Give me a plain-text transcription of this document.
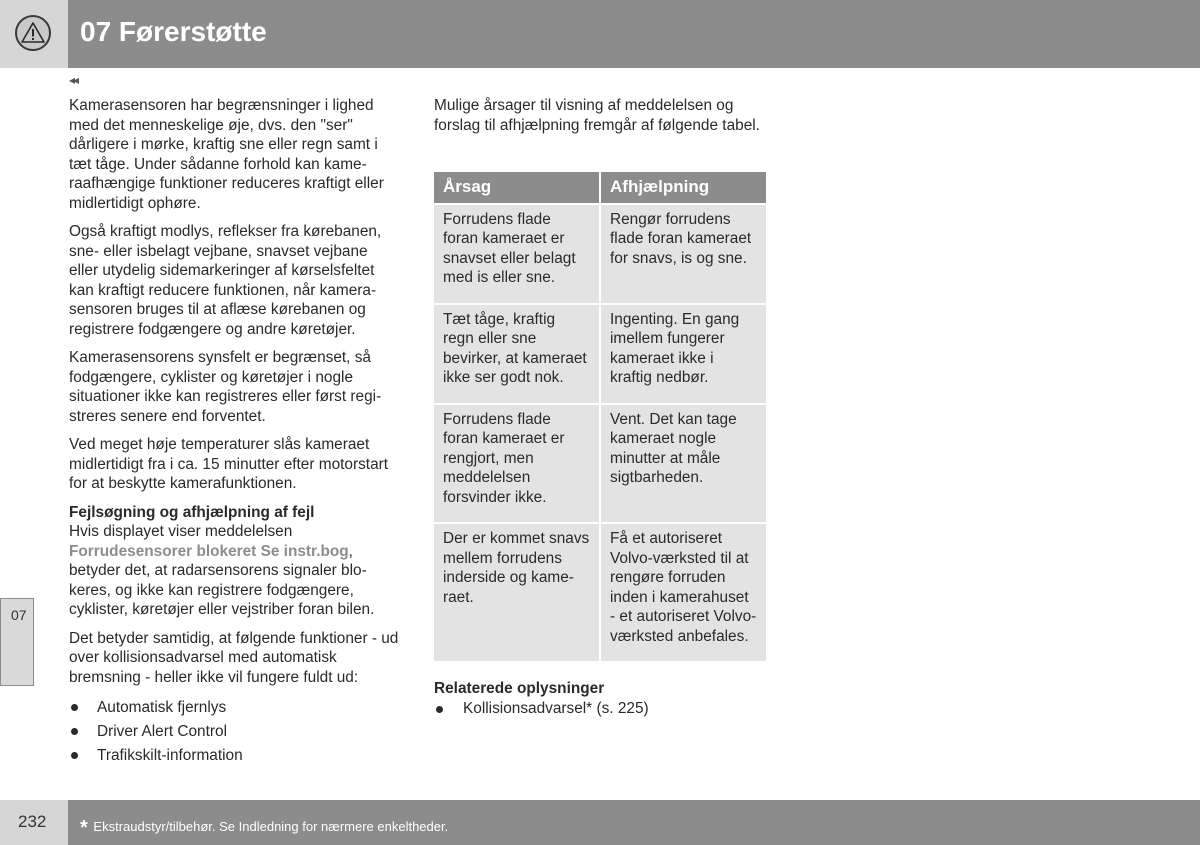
07 Førerstøtte
07
◂◂

Kamerasensoren har begrænsninger i lighed med det menneskelige øje, dvs. den "ser" dårligere i mørke, kraftig sne eller regn samt i tæt tåge. Under sådanne forhold kan kameraafhængige funktioner reduceres kraftigt eller midlertidigt ophøre.

Også kraftigt modlys, reflekser fra kørebanen, sne- eller isbelagt vejbane, snavset vejbane eller utydelig sidemarkeringer af kørselsfeltet kan kraftigt reducere funktionen, når kamerasensoren bruges til at aflæse kørebanen og registrere fodgængere og andre køretøjer.

Kamerasensorens synsfelt er begrænset, så fodgængere, cyklister og køretøjer i nogle situationer ikke kan registreres eller først registreres senere end forventet.

Ved meget høje temperaturer slås kameraet midlertidigt fra i ca. 15 minutter efter motorstart for at beskytte kamerafunktionen.

Fejlsøgning og afhjælpning af fejl

Hvis displayet viser meddelelsen
Forrudesensorer blokeret Se instr.bog, betyder det, at radarsensorens signaler blokeres, og ikke kan registrere fodgængere, cyklister, køretøjer eller vejstriber foran bilen.

Det betyder samtidig, at følgende funktioner - ud over kollisionsadvarsel med automatisk bremsning - heller ikke vil fungere fuldt ud:

Automatisk fjernlys
Driver Alert Control
Trafikskilt-information

Mulige årsager til visning af meddelelsen og forslag til afhjælpning fremgår af følgende tabel.

Årsag	Afhjælpning
Forrudens flade foran kameraet er snavset eller belagt med is eller sne.	Rengør forrudens flade foran kameraet for snavs, is og sne.
Tæt tåge, kraftig regn eller sne bevirker, at kameraet ikke ser godt nok.	Ingenting. En gang imellem fungerer kameraet ikke i kraftig nedbør.
Forrudens flade foran kameraet er rengjort, men meddelelsen forsvinder ikke.	Vent. Det kan tage kameraet nogle minutter at måle sigtbarheden.
Der er kommet snavs mellem forrudens inderside og kameraet.	Få et autoriseret Volvo-værksted til at rengøre forruden inden i kamerahuset - et autoriseret Volvoværksted anbefales.
Relaterede oplysninger
Kollisionsadvarsel* (s. 225)
232 * Ekstraudstyr/tilbehør. Se Indledning for nærmere enkeltheder.
